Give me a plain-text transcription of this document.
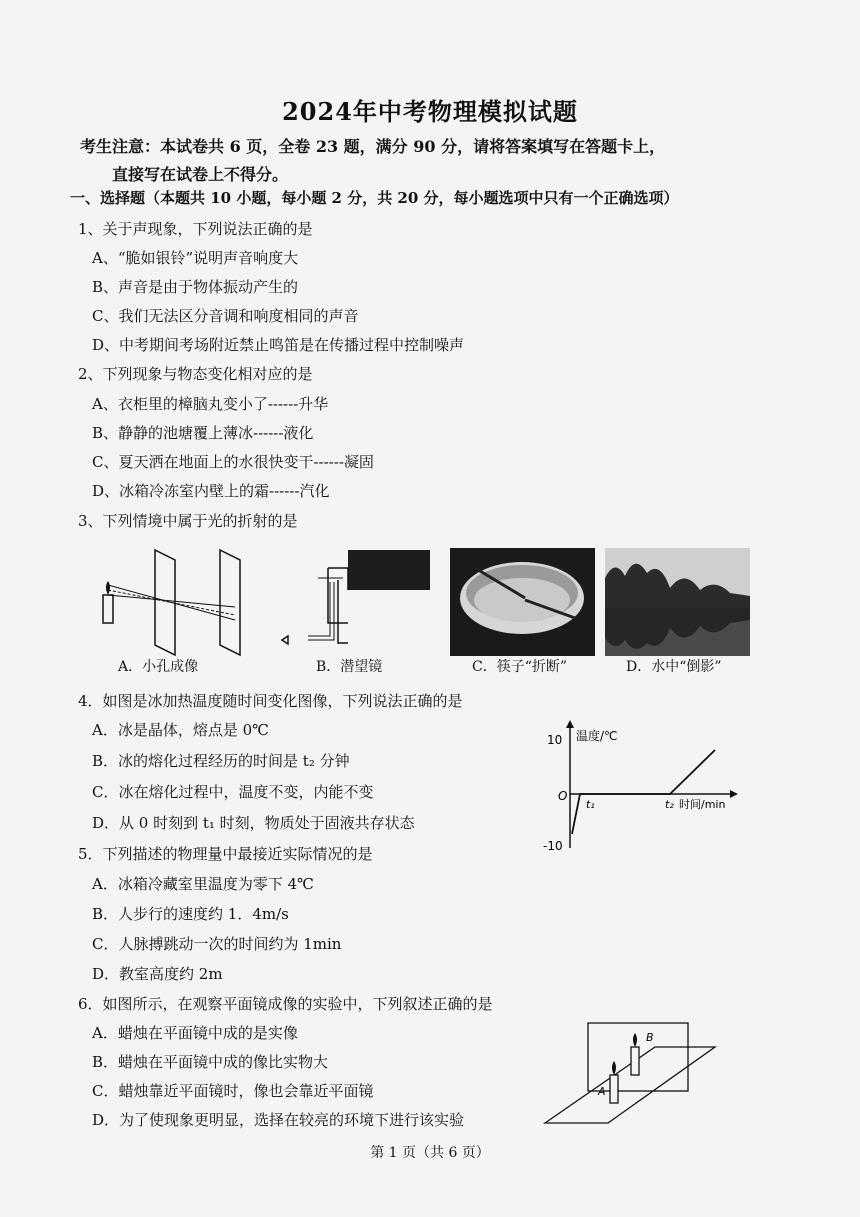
2024年中考物理模拟试题
考生注意：本试卷共 6 页，全卷 23 题，满分 90 分，请将答案填写在答题卡上，
直接写在试卷上不得分。
一、选择题（本题共 10 小题，每小题 2 分，共 20 分，每小题选项中只有一个正确选项）
1、关于声现象，下列说法正确的是
A、“脆如银铃”说明声音响度大
B、声音是由于物体振动产生的
C、我们无法区分音调和响度相同的声音
D、中考期间考场附近禁止鸣笛是在传播过程中控制噪声
2、下列现象与物态变化相对应的是
A、衣柜里的樟脑丸变小了------升华
B、静静的池塘覆上薄冰------液化
C、夏天洒在地面上的水很快变干------凝固
D、冰箱冷冻室内壁上的霜------汽化
3、下列情境中属于光的折射的是
A．小孔成像	B．潜望镜	C．筷子“折断”	D．水中“倒影”
4．如图是冰加热温度随时间变化图像，下列说法正确的是
A．冰是晶体，熔点是 0℃
B．冰的熔化过程经历的时间是 t₂ 分钟
C．冰在熔化过程中，温度不变，内能不变
D．从 0 时刻到 t₁ 时刻，物质处于固液共存状态
10
-10
O
温度/℃
t₁	t₂ 时间/min
5．下列描述的物理量中最接近实际情况的是
A．冰箱冷藏室里温度为零下 4℃
B．人步行的速度约 1．4m/s
C．人脉搏跳动一次的时间约为 1min
D．教室高度约 2m
6．如图所示，在观察平面镜成像的实验中，下列叙述正确的是
A．蜡烛在平面镜中成的是实像
B．蜡烛在平面镜中成的像比实物大
C．蜡烛靠近平面镜时，像也会靠近平面镜
D．为了使现象更明显，选择在较亮的环境下进行该实验
B
A
第 1 页（共 6 页）
